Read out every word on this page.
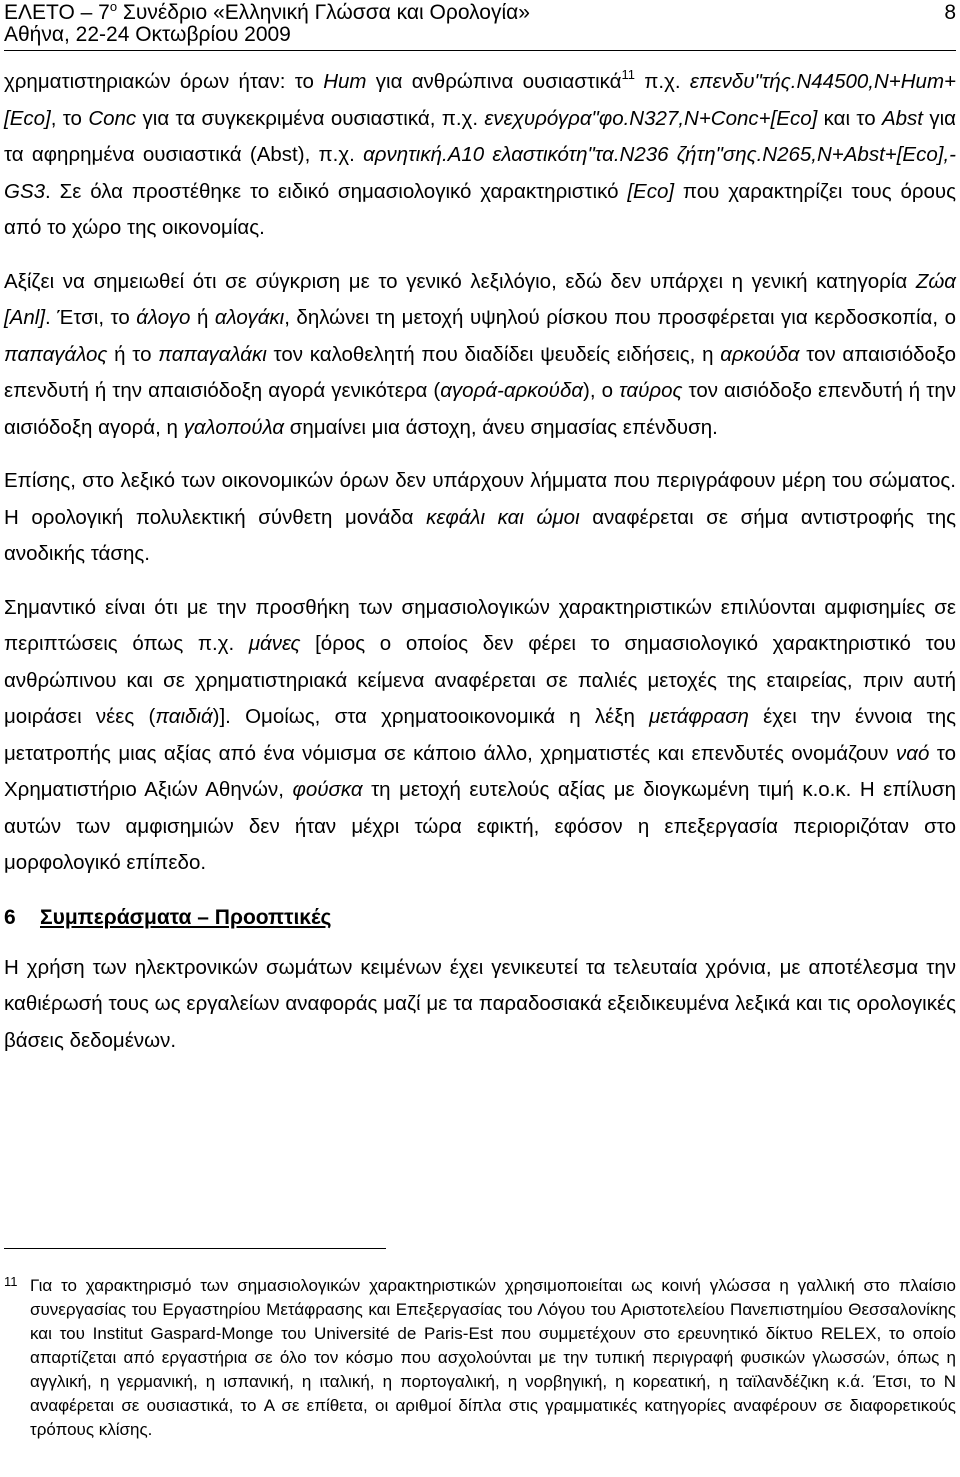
ΕΛΕΤΟ – $7^o$ Συνέδριο «Ελληνική Γλώσσα και Ορολογία»
Αθήνα, 22-24 Οκτωβρίου 2009
8

χρηματιστηριακών όρων ήταν: το Hum για ανθρώπινα ουσιαστικά$^{11}$ π.χ. επενδυ"τής.N44500,N+Hum+[Eco], το Conc για τα συγκεκριμένα ουσιαστικά, π.χ. ενεχυρόγρα"φο.N327,N+Conc+[Eco] και το Abst για τα αφηρημένα ουσιαστικά (Abst), π.χ. αρνητική.A10 ελαστικότη"τα.N236 ζήτη"σης.N265,N+Abst+[Eco],-GS3. Σε όλα προστέθηκε το ειδικό σημασιολογικό χαρακτηριστικό [Eco] που χαρακτηρίζει τους όρους από το χώρο της οικονομίας.

Αξίζει να σημειωθεί ότι σε σύγκριση με το γενικό λεξιλόγιο, εδώ δεν υπάρχει η γενική κατηγορία Ζώα [Anl]. Έτσι, το άλογο ή αλογάκι, δηλώνει τη μετοχή υψηλού ρίσκου που προσφέρεται για κερδοσκοπία, ο παπαγάλος ή το παπαγαλάκι τον καλοθελητή που διαδίδει ψευδείς ειδήσεις, η αρκούδα τον απαισιόδοξο επενδυτή ή την απαισιόδοξη αγορά γενικότερα (αγορά-αρκούδα), ο ταύρος τον αισιόδοξο επενδυτή ή την αισιόδοξη αγορά, η γαλοπούλα σημαίνει μια άστοχη, άνευ σημασίας επένδυση.

Επίσης, στο λεξικό των οικονομικών όρων δεν υπάρχουν λήμματα που περιγράφουν μέρη του σώματος. Η ορολογική πολυλεκτική σύνθετη μονάδα κεφάλι και ώμοι αναφέρεται σε σήμα αντιστροφής της ανοδικής τάσης.

Σημαντικό είναι ότι με την προσθήκη των σημασιολογικών χαρακτηριστικών επιλύονται αμφισημίες σε περιπτώσεις όπως π.χ. μάνες [όρος ο οποίος δεν φέρει το σημασιολογικό χαρακτηριστικό του ανθρώπινου και σε χρηματιστηριακά κείμενα αναφέρεται σε παλιές μετοχές της εταιρείας, πριν αυτή μοιράσει νέες (παιδιά)]. Ομοίως, στα χρηματοοικονομικά η λέξη μετάφραση έχει την έννοια της μετατροπής μιας αξίας από ένα νόμισμα σε κάποιο άλλο, χρηματιστές και επενδυτές ονομάζουν ναό το Χρηματιστήριο Αξιών Αθηνών, φούσκα τη μετοχή ευτελούς αξίας με διογκωμένη τιμή κ.ο.κ. Η επίλυση αυτών των αμφισημιών δεν ήταν μέχρι τώρα εφικτή, εφόσον η επεξεργασία περιοριζόταν στο μορφολογικό επίπεδο.

6 Συμπεράσματα – Προοπτικές

Η χρήση των ηλεκτρονικών σωμάτων κειμένων έχει γενικευτεί τα τελευταία χρόνια, με αποτέλεσμα την καθιέρωσή τους ως εργαλείων αναφοράς μαζί με τα παραδοσιακά εξειδικευμένα λεξικά και τις ορολογικές βάσεις δεδομένων.

11 Για το χαρακτηρισμό των σημασιολογικών χαρακτηριστικών χρησιμοποιείται ως κοινή γλώσσα η γαλλική στο πλαίσιο συνεργασίας του Εργαστηρίου Μετάφρασης και Επεξεργασίας του Λόγου του Αριστοτελείου Πανεπιστημίου Θεσσαλονίκης και του Institut Gaspard-Monge του Université de Paris-Est που συμμετέχουν στο ερευνητικό δίκτυο RELEX, το οποίο απαρτίζεται από εργαστήρια σε όλο τον κόσμο που ασχολούνται με την τυπική περιγραφή φυσικών γλωσσών, όπως η αγγλική, η γερμανική, η ισπανική, η ιταλική, η πορτογαλική, η νορβηγική, η κορεατική, η ταϊλανδέζικη κ.ά. Έτσι, το N αναφέρεται σε ουσιαστικά, το A σε επίθετα, οι αριθμοί δίπλα στις γραμματικές κατηγορίες αναφέρουν σε διαφορετικούς τρόπους κλίσης.
